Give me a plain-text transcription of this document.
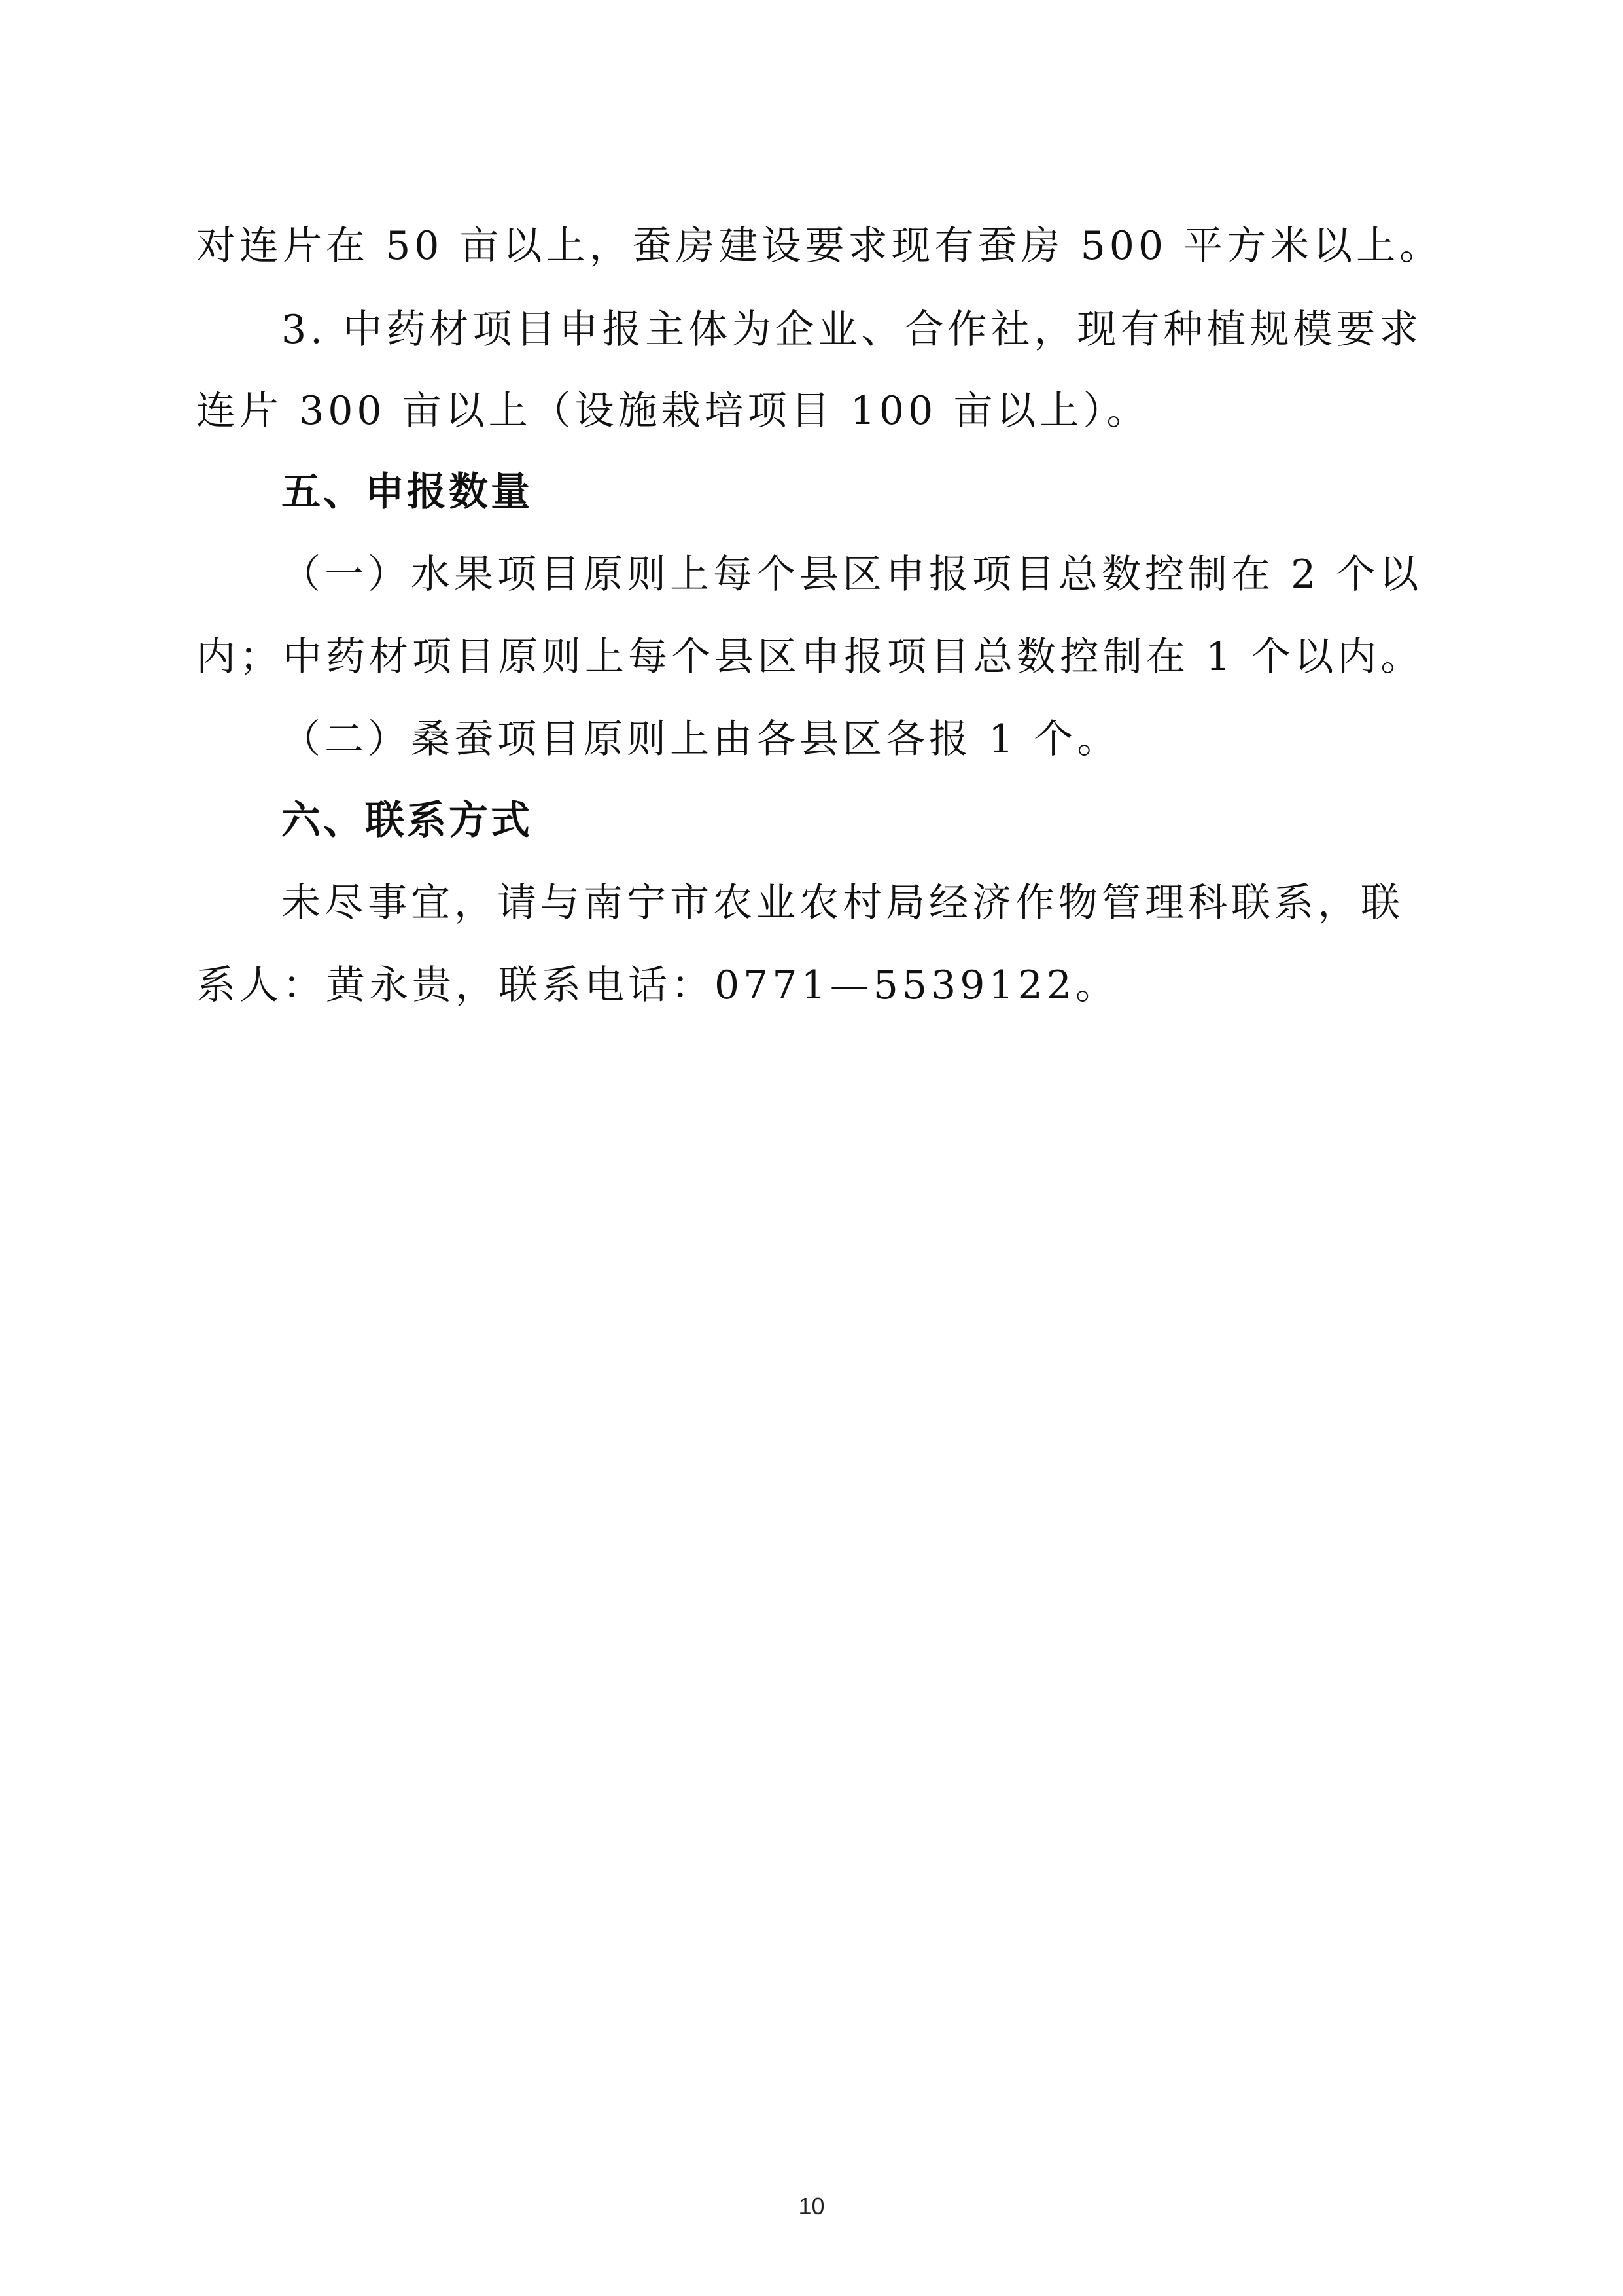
对连片在 50 亩以上，蚕房建设要求现有蚕房 500 平方米以上。
3. 中药材项目申报主体为企业、合作社，现有种植规模要求
连片 300 亩以上（设施栽培项目 100 亩以上）。
五、申报数量
（一）水果项目原则上每个县区申报项目总数控制在 2 个以
内；中药材项目原则上每个县区申报项目总数控制在 1 个以内。
（二）桑蚕项目原则上由各县区各报 1 个。
六、联系方式
未尽事宜，请与南宁市农业农村局经济作物管理科联系，联
系人：黄永贵，联系电话：0771—5539122。
10
